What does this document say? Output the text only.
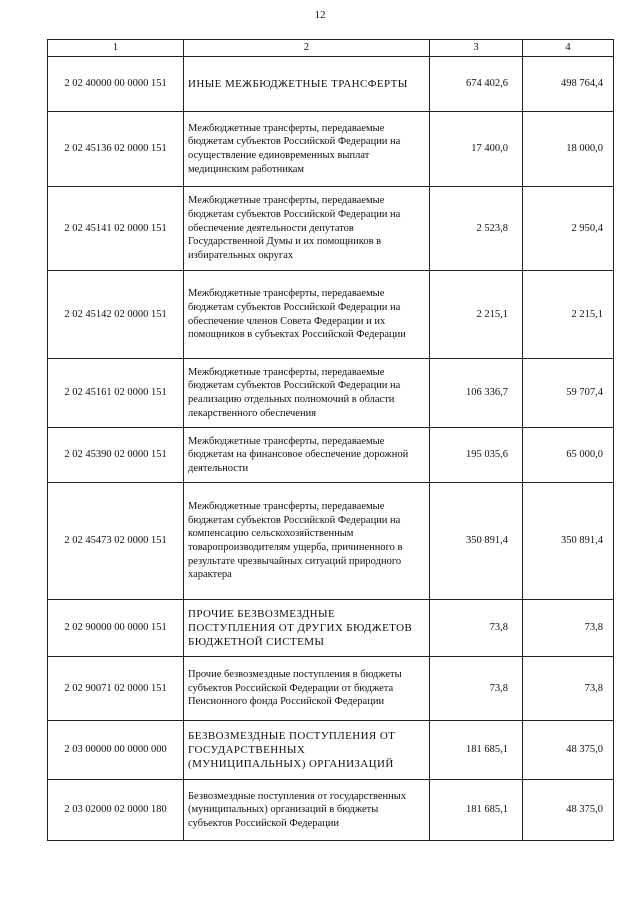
12
1	2	3	4
2 02 40000 00 0000 151	ИНЫЕ МЕЖБЮДЖЕТНЫЕ ТРАНСФЕРТЫ	674 402,6	498 764,4
2 02 45136 02 0000 151	Межбюджетные трансферты, передаваемые бюджетам субъектов Российской Федерации на осуществление единовременных выплат медицинским работникам	17 400,0	18 000,0
2 02 45141 02 0000 151	Межбюджетные трансферты, передаваемые бюджетам субъектов Российской Федерации на обеспечение деятельности депутатов Государственной Думы и их помощников в избирательных округах	2 523,8	2 950,4
2 02 45142 02 0000 151	Межбюджетные трансферты, передаваемые бюджетам субъектов Российской Федерации на обеспечение членов Совета Федерации и их помощников в субъектах Российской Федерации	2 215,1	2 215,1
2 02 45161 02 0000 151	Межбюджетные трансферты, передаваемые бюджетам субъектов Российской Федерации на реализацию отдельных полномочий в области лекарственного обеспечения	106 336,7	59 707,4
2 02 45390 02 0000 151	Межбюджетные трансферты, передаваемые бюджетам на финансовое обеспечение дорожной деятельности	195 035,6	65 000,0
2 02 45473 02 0000 151	Межбюджетные трансферты, передаваемые бюджетам субъектов Российской Федерации на компенсацию сельскохозяйственным товаропроизводителям ущерба, причиненного в результате чрезвычайных ситуаций природного характера	350 891,4	350 891,4
2 02 90000 00 0000 151	ПРОЧИЕ БЕЗВОЗМЕЗДНЫЕ ПОСТУПЛЕНИЯ ОТ ДРУГИХ БЮДЖЕТОВ БЮДЖЕТНОЙ СИСТЕМЫ	73,8	73,8
2 02 90071 02 0000 151	Прочие безвозмездные поступления в бюджеты субъектов Российской Федерации от бюджета Пенсионного фонда Российской Федерации	73,8	73,8
2 03 00000 00 0000 000	БЕЗВОЗМЕЗДНЫЕ ПОСТУПЛЕНИЯ ОТ ГОСУДАРСТВЕННЫХ (МУНИЦИПАЛЬНЫХ) ОРГАНИЗАЦИЙ	181 685,1	48 375,0
2 03 02000 02 0000 180	Безвозмездные поступления от государственных (муниципальных) организаций в бюджеты субъектов Российской Федерации	181 685,1	48 375,0
